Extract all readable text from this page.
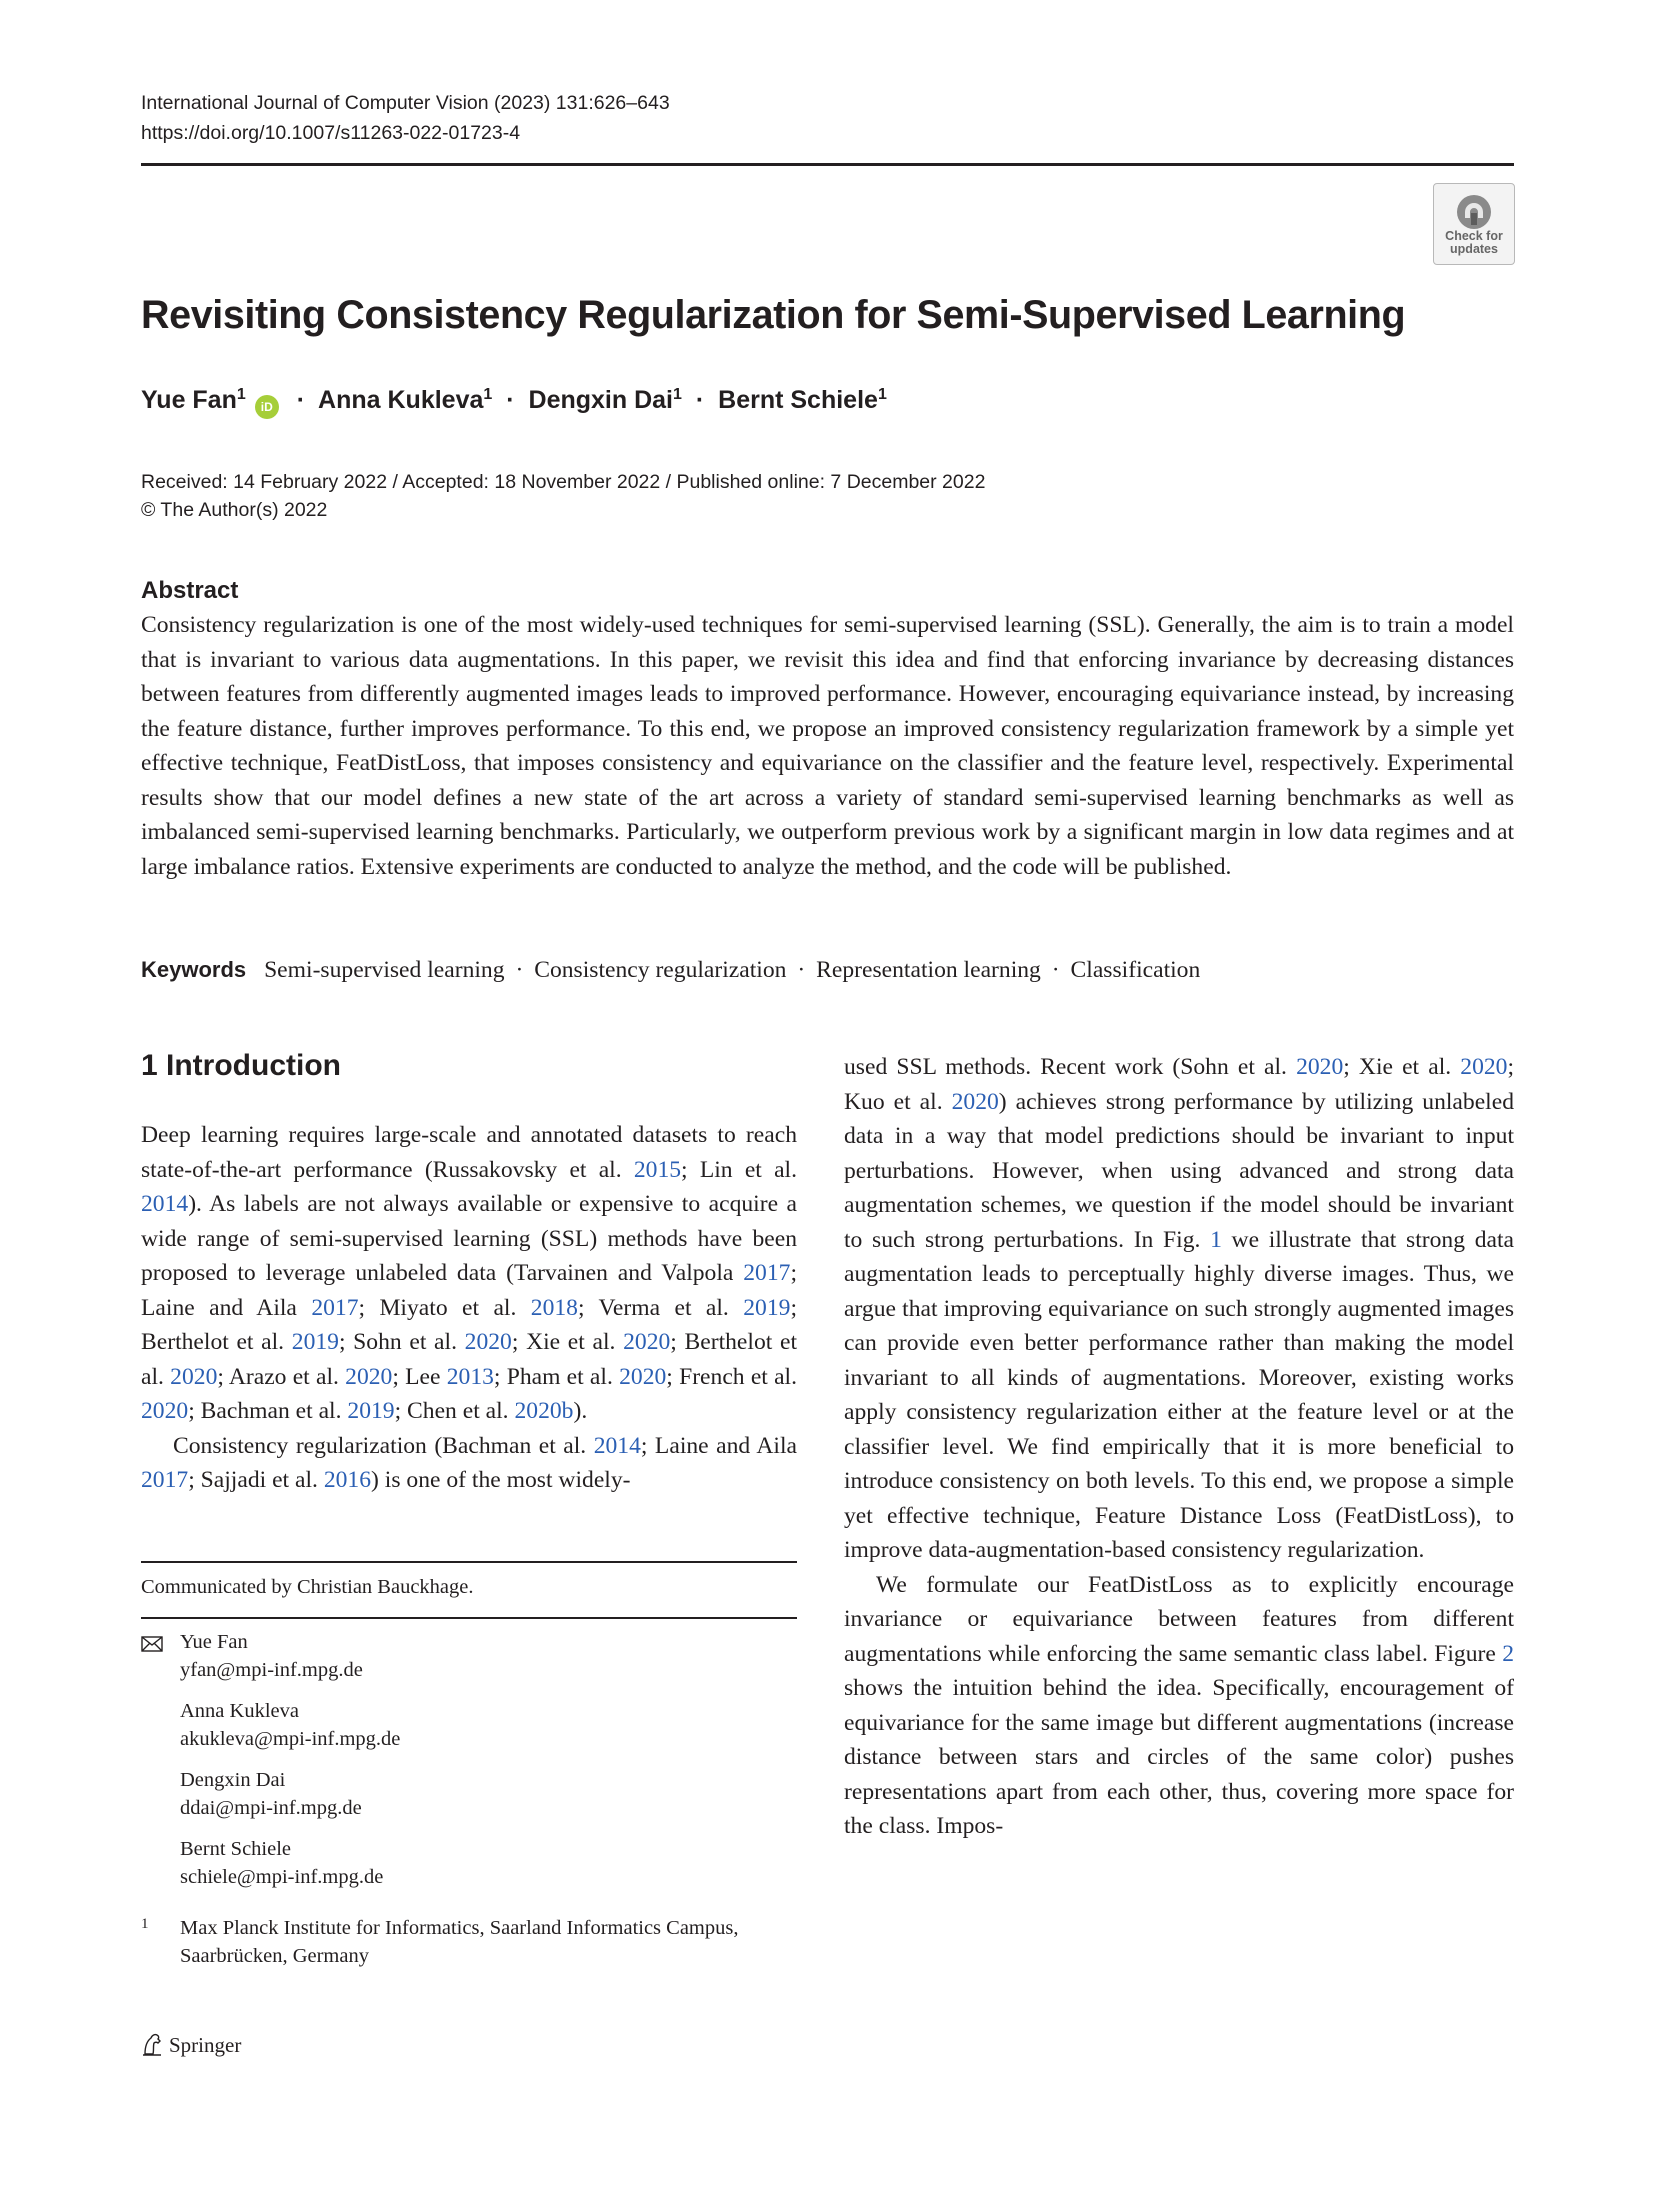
International Journal of Computer Vision (2023) 131:626–643
https://doi.org/10.1007/s11263-022-01723-4
Check for
updates
Revisiting Consistency Regularization for Semi-Supervised Learning
Yue Fan$^1$ iD · Anna Kukleva$^1$ · Dengxin Dai$^1$ · Bernt Schiele$^1$
Received: 14 February 2022 / Accepted: 18 November 2022 / Published online: 7 December 2022
© The Author(s) 2022
Abstract

Consistency regularization is one of the most widely-used techniques for semi-supervised learning (SSL). Generally, the aim is to train a model that is invariant to various data augmentations. In this paper, we revisit this idea and find that enforcing invariance by decreasing distances between features from differently augmented images leads to improved performance. However, encouraging equivariance instead, by increasing the feature distance, further improves performance. To this end, we propose an improved consistency regularization framework by a simple yet effective technique, FeatDistLoss, that imposes consistency and equivariance on the classifier and the feature level, respectively. Experimental results show that our model defines a new state of the art across a variety of standard semi-supervised learning benchmarks as well as imbalanced semi-supervised learning benchmarks. Particularly, we outperform previous work by a significant margin in low data regimes and at large imbalance ratios. Extensive experiments are conducted to analyze the method, and the code will be published.

Keywords Semi-supervised learning · Consistency regularization · Representation learning · Classification
1 Introduction

Deep learning requires large-scale and annotated datasets to reach state-of-the-art performance (Russakovsky et al. 2015; Lin et al. 2014). As labels are not always available or expensive to acquire a wide range of semi-supervised learning (SSL) methods have been proposed to leverage unlabeled data (Tarvainen and Valpola 2017; Laine and Aila 2017; Miyato et al. 2018; Verma et al. 2019; Berthelot et al. 2019; Sohn et al. 2020; Xie et al. 2020; Berthelot et al. 2020; Arazo et al. 2020; Lee 2013; Pham et al. 2020; French et al. 2020; Bachman et al. 2019; Chen et al. 2020b).

Consistency regularization (Bachman et al. 2014; Laine and Aila 2017; Sajjadi et al. 2016) is one of the most widely-

used SSL methods. Recent work (Sohn et al. 2020; Xie et al. 2020; Kuo et al. 2020) achieves strong performance by utilizing unlabeled data in a way that model predictions should be invariant to input perturbations. However, when using advanced and strong data augmentation schemes, we question if the model should be invariant to such strong perturbations. In Fig. 1 we illustrate that strong data augmentation leads to perceptually highly diverse images. Thus, we argue that improving equivariance on such strongly augmented images can provide even better performance rather than making the model invariant to all kinds of augmentations. Moreover, existing works apply consistency regularization either at the feature level or at the classifier level. We find empirically that it is more beneficial to introduce consistency on both levels. To this end, we propose a simple yet effective technique, Feature Distance Loss (FeatDistLoss), to improve data-augmentation-based consistency regularization.

We formulate our FeatDistLoss as to explicitly encourage invariance or equivariance between features from different augmentations while enforcing the same semantic class label. Figure 2 shows the intuition behind the idea. Specifically, encouragement of equivariance for the same image but different augmentations (increase distance between stars and circles of the same color) pushes representations apart from each other, thus, covering more space for the class. Impos-

Communicated by Christian Bauckhage.
Yue Fan
yfan@mpi-inf.mpg.de
Anna Kukleva
akukleva@mpi-inf.mpg.de
Dengxin Dai
ddai@mpi-inf.mpg.de
Bernt Schiele
schiele@mpi-inf.mpg.de
1	Max Planck Institute for Informatics, Saarland Informatics Campus, Saarbrücken, Germany
Springer
